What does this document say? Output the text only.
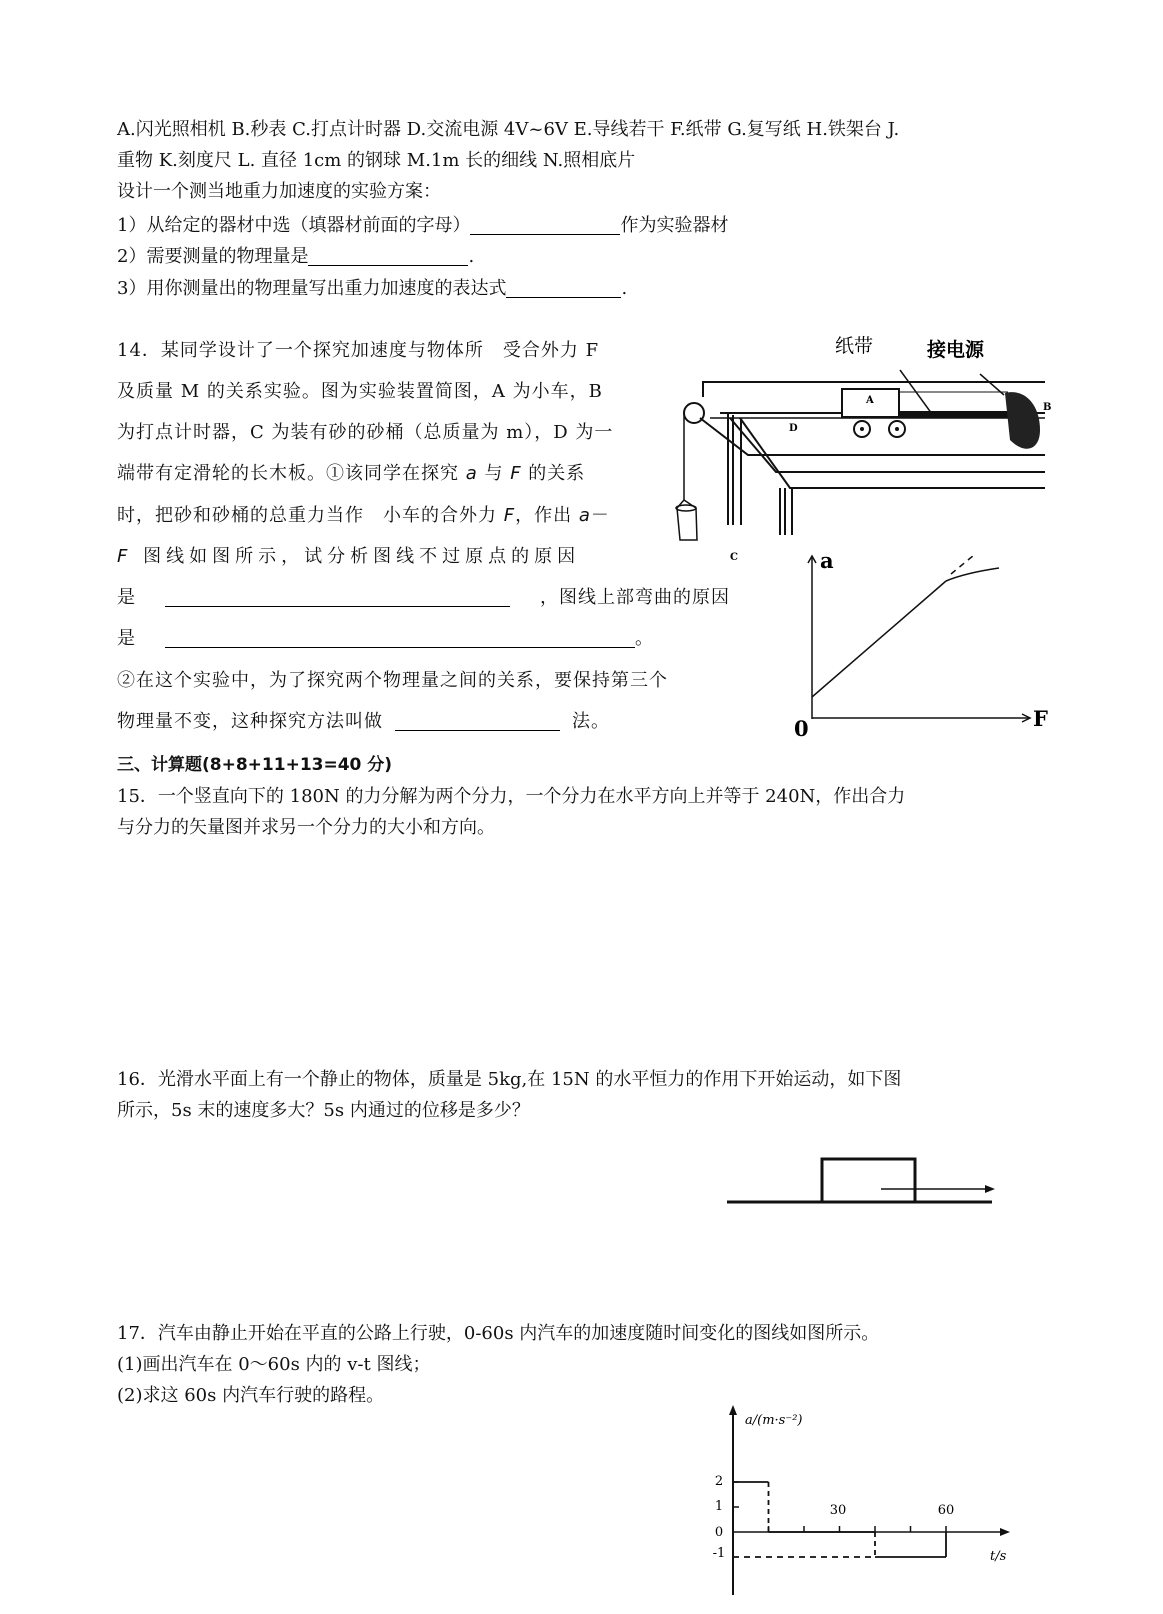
A.闪光照相机 B.秒表 C.打点计时器 D.交流电源 4V~6V E.导线若干 F.纸带 G.复写纸 H.铁架台 J.
重物 K.刻度尺 L. 直径 1cm 的钢球 M.1m 长的细线 N.照相底片
设计一个测当地重力加速度的实验方案：
1）从给定的器材中选（填器材前面的字母）	作为实验器材
2）需要测量的物理量是	.
3）用你测量出的物理量写出重力加速度的表达式	.
14．某同学设计了一个探究加速度与物体所　受合外力 F
及质量 M 的关系实验。图为实验装置简图，A 为小车，B
为打点计时器，C 为装有砂的砂桶（总质量为 m），D 为一
端带有定滑轮的长木板。①该同学在探究 a 与 F 的关系
时，把砂和砂桶的总重力当作　小车的合外力 F，作出 a－
F 图线如图所示，试分析图线不过原点的原因
是	，图线上部弯曲的原因
是	。
②在这个实验中，为了探究两个物理量之间的关系，要保持第三个
物理量不变，这种探究方法叫做	法。
纸带	接电源
A
B
C
D
a
F
0
a/(m·s⁻²)
t/s
30	60
2
1
0
-1
三、计算题(8+8+11+13=40 分)
15．一个竖直向下的 180N 的力分解为两个分力，一个分力在水平方向上并等于 240N，作出合力
与分力的矢量图并求另一个分力的大小和方向。
16．光滑水平面上有一个静止的物体，质量是 5kg,在 15N 的水平恒力的作用下开始运动，如下图
所示，5s 末的速度多大？5s 内通过的位移是多少？
17．汽车由静止开始在平直的公路上行驶，0-60s 内汽车的加速度随时间变化的图线如图所示。
(1)画出汽车在 0～60s 内的 v-t 图线；
(2)求这 60s 内汽车行驶的路程。
